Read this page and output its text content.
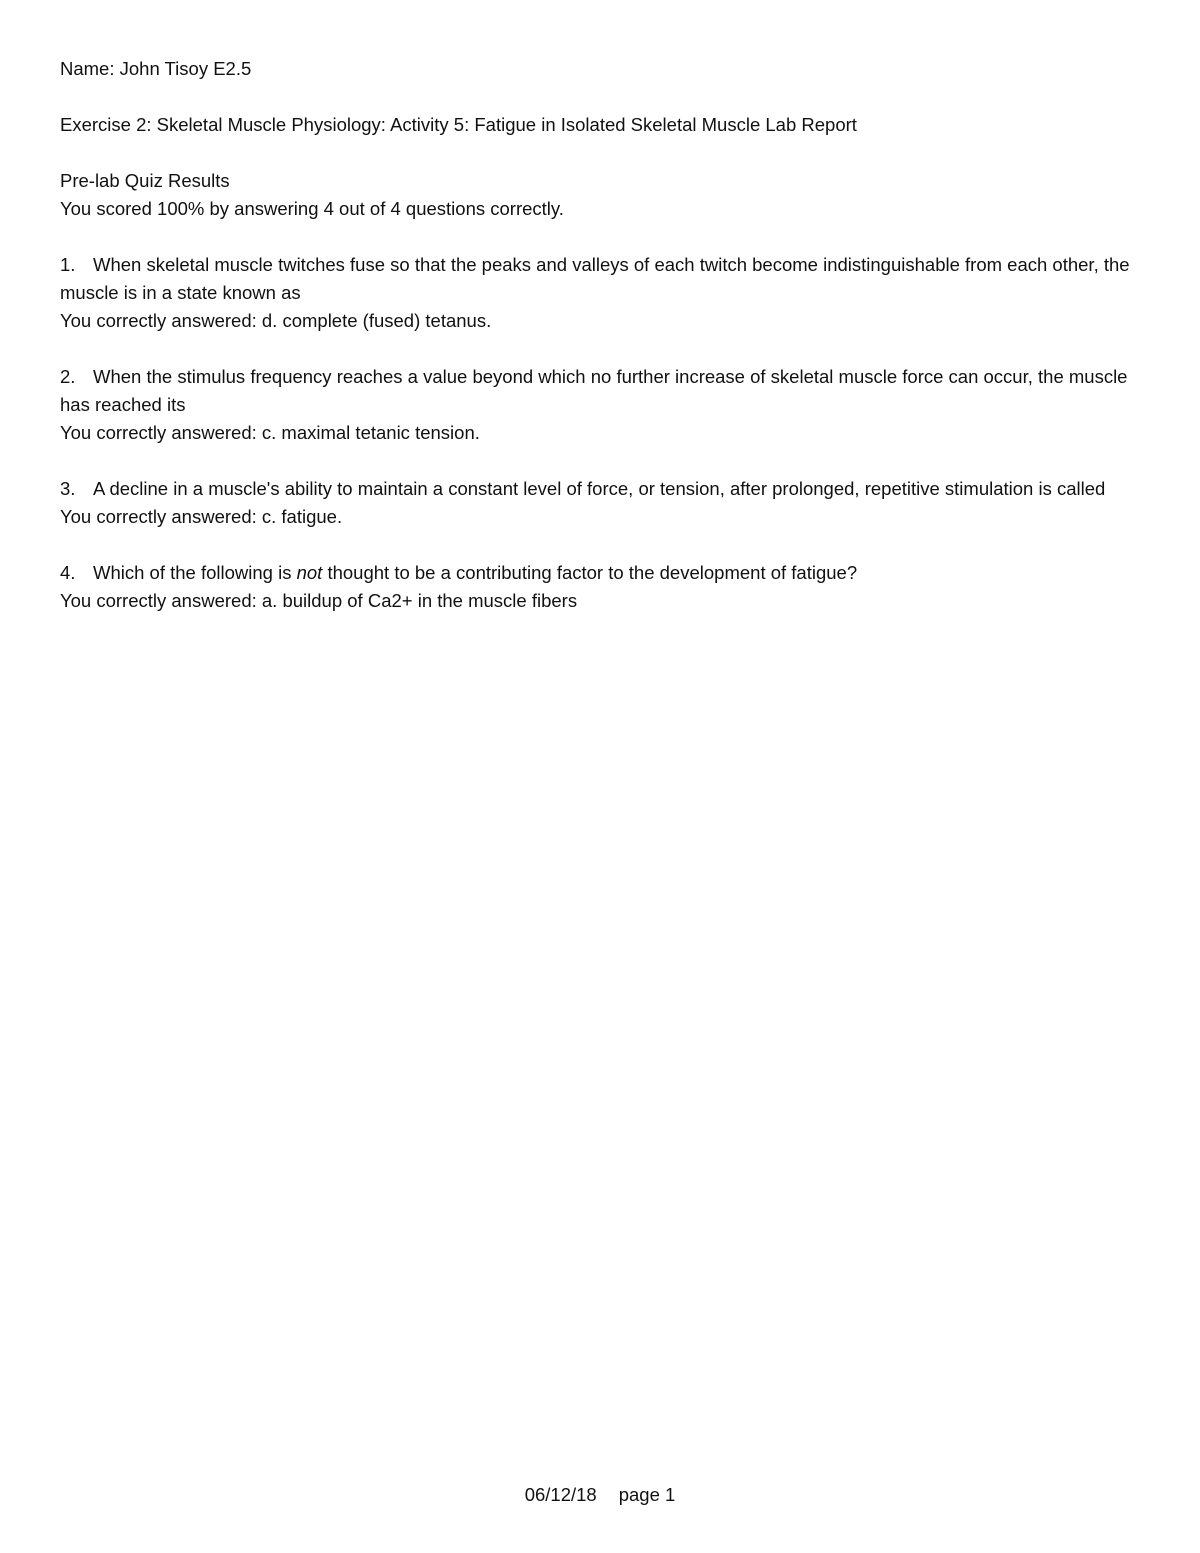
Name: John Tisoy E2.5

Exercise 2: Skeletal Muscle Physiology: Activity 5: Fatigue in Isolated Skeletal Muscle Lab Report

Pre-lab Quiz Results

You scored 100% by answering 4 out of 4 questions correctly.

1. When skeletal muscle twitches fuse so that the peaks and valleys of each twitch become indistinguishable from each other, the muscle is in a state known as

You correctly answered: d. complete (fused) tetanus.

2. When the stimulus frequency reaches a value beyond which no further increase of skeletal muscle force can occur, the muscle has reached its

You correctly answered: c. maximal tetanic tension.

3. A decline in a muscle's ability to maintain a constant level of force, or tension, after prolonged, repetitive stimulation is called

You correctly answered: c. fatigue.

4. Which of the following is not thought to be a contributing factor to the development of fatigue?

You correctly answered: a. buildup of Ca2+ in the muscle fibers

06/12/18 page 1
